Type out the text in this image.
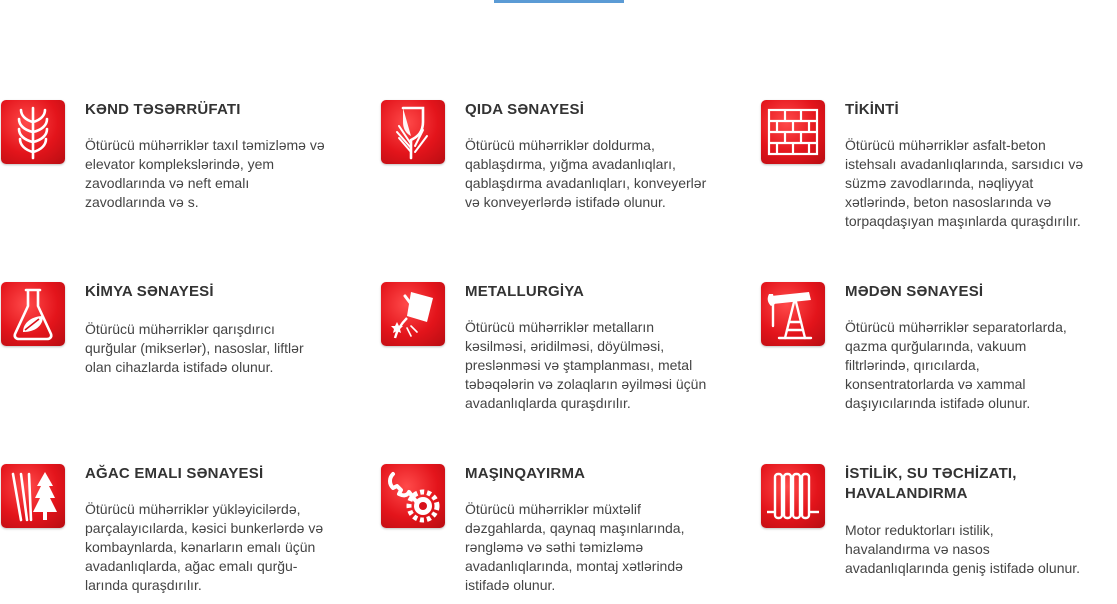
KƏND TƏSƏRRÜFATI
Ötürücü mühərriklər taxıl təmizləmə və
elevator komplekslərində, yem
zavodlarında və neft emalı
zavodlarında və s.
QIDA SƏNAYESİ
Ötürücü mühərriklər doldurma,
qablaşdırma, yığma avadanlıqları,
qablaşdırma avadanlıqları, konveyerlər
və konveyerlərdə istifadə olunur.
TİKİNTİ
Ötürücü mühərriklər asfalt-beton
istehsalı avadanlıqlarında, sarsıdıcı və
süzmə zavodlarında, nəqliyyat
xətlərində, beton nasoslarında və
torpaqdaşıyan maşınlarda quraşdırılır.
KİMYA SƏNAYESİ
Ötürücü mühərriklər qarışdırıcı
qurğular (mikserlər), nasoslar, liftlər
olan cihazlarda istifadə olunur.
METALLURGİYA
Ötürücü mühərriklər metalların
kəsilməsi, əridilməsi, döyülməsi,
preslənməsi və ştamplanması, metal
təbəqələrin və zolaqların əyilməsi üçün
avadanlıqlarda quraşdırılır.
MƏDƏN SƏNAYESİ
Ötürücü mühərriklər separatorlarda,
qazma qurğularında, vakuum
filtrlərində, qırıcılarda,
konsentratorlarda və xammal
daşıyıcılarında istifadə olunur.
AĞAC EMALI SƏNAYESİ
Ötürücü mühərriklər yükləyicilərdə,
parçalayıcılarda, kəsici bunkerlərdə və
kombaynlarda, kənarların emalı üçün
avadanlıqlarda, ağac emalı qurğu-
larında quraşdırılır.
MAŞINQAYIRMA
Ötürücü mühərriklər müxtəlif
dəzgahlarda, qaynaq maşınlarında,
rəngləmə və səthi təmizləmə
avadanlıqlarında, montaj xətlərində
istifadə olunur.
İSTİLİK, SU TƏCHİZATI,
HAVALANDIRMA
Motor reduktorları istilik,
havalandırma və nasos
avadanlıqlarında geniş istifadə olunur.
